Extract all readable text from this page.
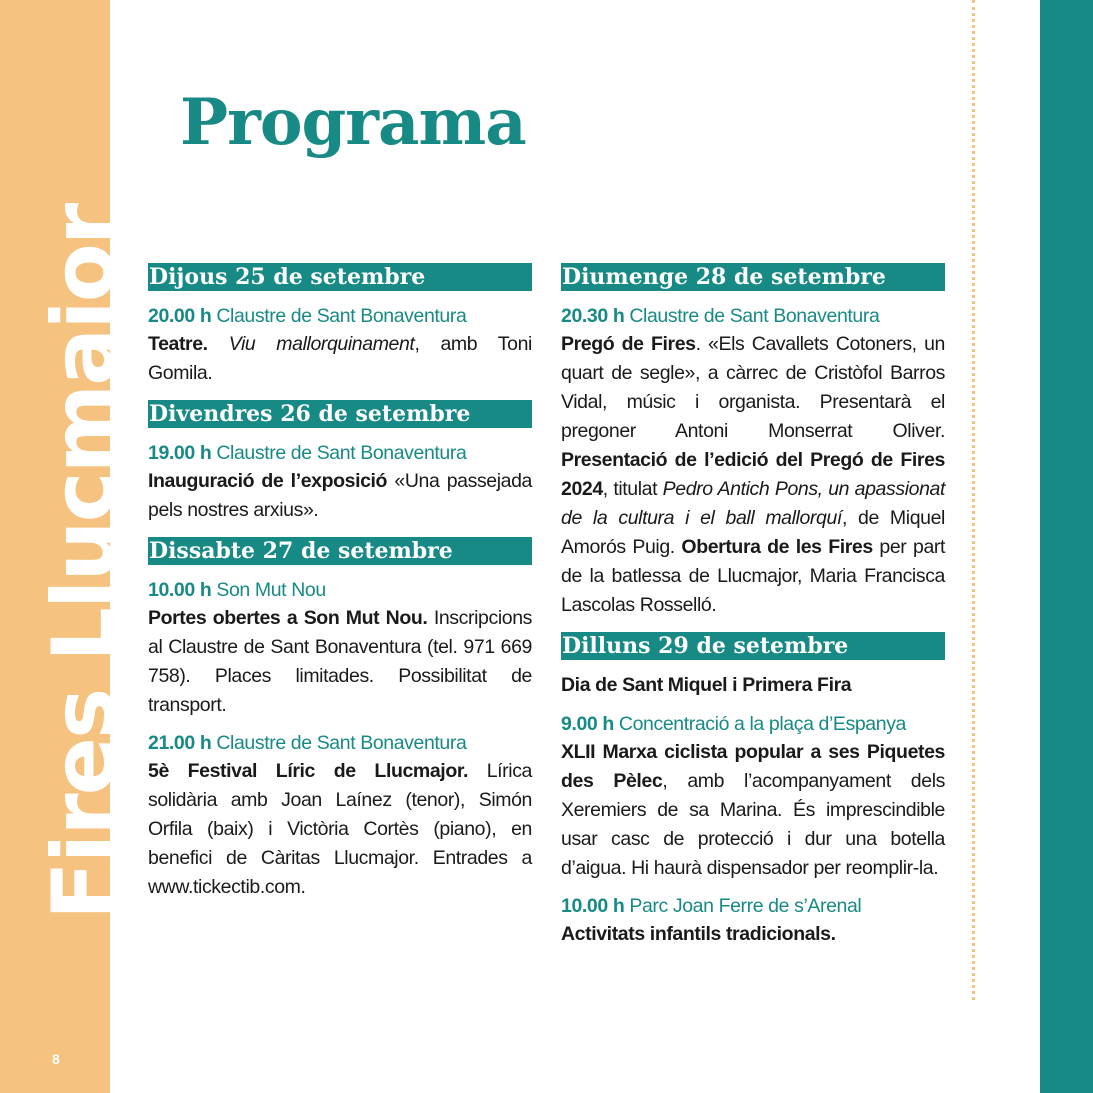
Fires Llucmajor
8
Programa
Dijous 25 de setembre
20.00 h Claustre de Sant Bonaventura
Teatre. Viu mallorquinament, amb Toni Gomila.
Divendres 26 de setembre
19.00 h Claustre de Sant Bonaventura
Inauguració de l’exposició «Una passejada pels nostres arxius».
Dissabte 27 de setembre
10.00 h Son Mut Nou
Portes obertes a Son Mut Nou. Inscripcions al Claustre de Sant Bonaventura (tel. 971 669 758). Places limitades. Possibilitat de transport.
21.00 h Claustre de Sant Bonaventura
5è Festival Líric de Llucmajor. Lírica solidària amb Joan Laínez (tenor), Simón Orfila (baix) i Victòria Cortès (piano), en benefici de Càritas Llucmajor. Entrades a www.tickectib.com.
Diumenge 28 de setembre
20.30 h Claustre de Sant Bonaventura
Pregó de Fires. «Els Cavallets Cotoners, un quart de segle», a càrrec de Cristòfol Barros Vidal, músic i organista. Presentarà el pregoner Antoni Monserrat Oliver. Presentació de l’edició del Pregó de Fires 2024, titulat Pedro Antich Pons, un apassionat de la cultura i el ball mallorquí, de Miquel Amorós Puig. Obertura de les Fires per part de la batlessa de Llucmajor, Maria Francisca Lascolas Rosselló.
Dilluns 29 de setembre
Dia de Sant Miquel i Primera Fira
9.00 h Concentració a la plaça d’Espanya
XLII Marxa ciclista popular a ses Piquetes des Pèlec, amb l’acompanyament dels Xeremiers de sa Marina. És imprescindible usar casc de protecció i dur una botella d’aigua. Hi haurà dispensador per reomplir-la.
10.00 h Parc Joan Ferre de s’Arenal
Activitats infantils tradicionals.
